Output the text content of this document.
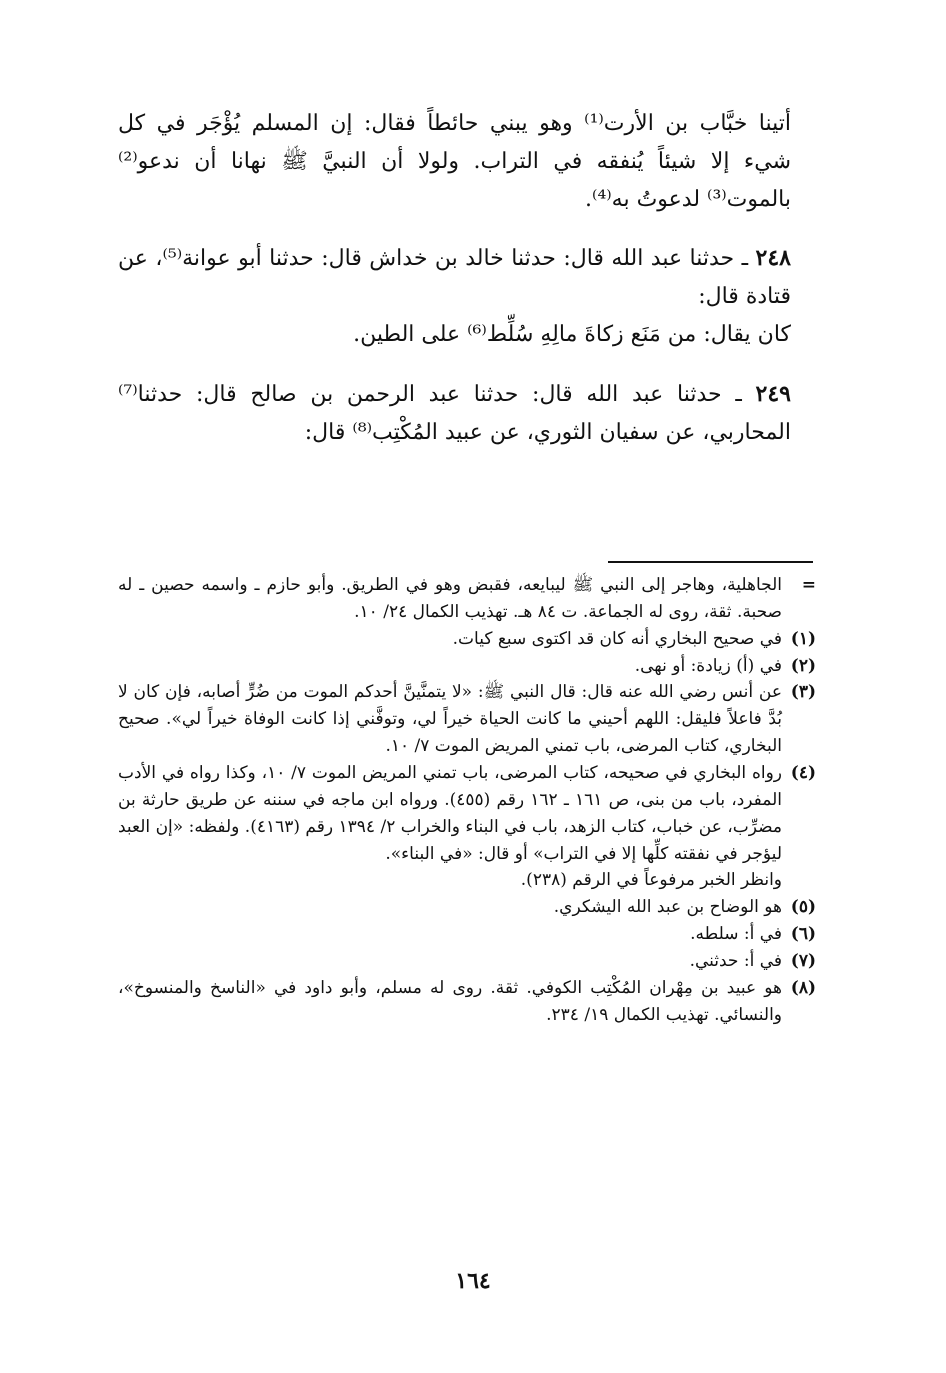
أتينا خبَّاب بن الأرت⁽¹⁾ وهو يبني حائطاً فقال: إن المسلم يُؤْجَر في كل شيء إلا شيئاً يُنفقه في التراب. ولولا أن النبيَّ ﷺ نهانا أن ندعو⁽²⁾ بالموت⁽³⁾ لدعوتُ به⁽⁴⁾.

٢٤٨ ـ حدثنا عبد الله قال: حدثنا خالد بن خداش قال: حدثنا أبو عوانة⁽⁵⁾، عن قتادة قال:

كان يقال: من مَنَع زكاةَ مالِهِ سُلِّط⁽⁶⁾ على الطين.

٢٤٩ ـ حدثنا عبد الله قال: حدثنا عبد الرحمن بن صالح قال: حدثنا⁽⁷⁾ المحاربي، عن سفيان الثوري، عن عبيد المُكْتِب⁽⁸⁾ قال:

=
الجاهلية، وهاجر إلى النبي ﷺ ليبايعه، فقبض وهو في الطريق. وأبو حازم ـ واسمه حصين ـ له صحبة. ثقة، روى له الجماعة. ت ٨٤ هـ. تهذيب الكمال ٢٤/ ١٠.
(١)
في صحيح البخاري أنه كان قد اكتوى سبع كيات.
(٢)
في (أ) زيادة: أو نهى.
(٣)
عن أنس رضي الله عنه قال: قال النبي ﷺ: «لا يتمنَّينَّ أحدكم الموت من ضُرٍّ أصابه، فإن كان لا بُدَّ فاعلاً فليقل: اللهم أحيني ما كانت الحياة خيراً لي، وتوفَّني إذا كانت الوفاة خيراً لي». صحيح البخاري، كتاب المرضى، باب تمني المريض الموت ٧/ ١٠.
(٤)
رواه البخاري في صحيحه، كتاب المرضى، باب تمني المريض الموت ٧/ ١٠، وكذا رواه في الأدب المفرد، باب من بنى، ص ١٦١ ـ ١٦٢ رقم (٤٥٥). ورواه ابن ماجه في سننه عن طريق حارثة بن مضرِّب، عن خباب، كتاب الزهد، باب في البناء والخراب ٢/ ١٣٩٤ رقم (٤١٦٣). ولفظه: «إن العبد ليؤجر في نفقته كلِّها إلا في التراب» أو قال: «في البناء».
وانظر الخبر مرفوعاً في الرقم (٢٣٨).
(٥)
هو الوضاح بن عبد الله اليشكري.
(٦)
في أ: سلطه.
(٧)
في أ: حدثني.
(٨)
هو عبيد بن مِهْران المُكْتِب الكوفي. ثقة. روى له مسلم، وأبو داود في «الناسخ والمنسوخ»، والنسائي. تهذيب الكمال ١٩/ ٢٣٤.
١٦٤
